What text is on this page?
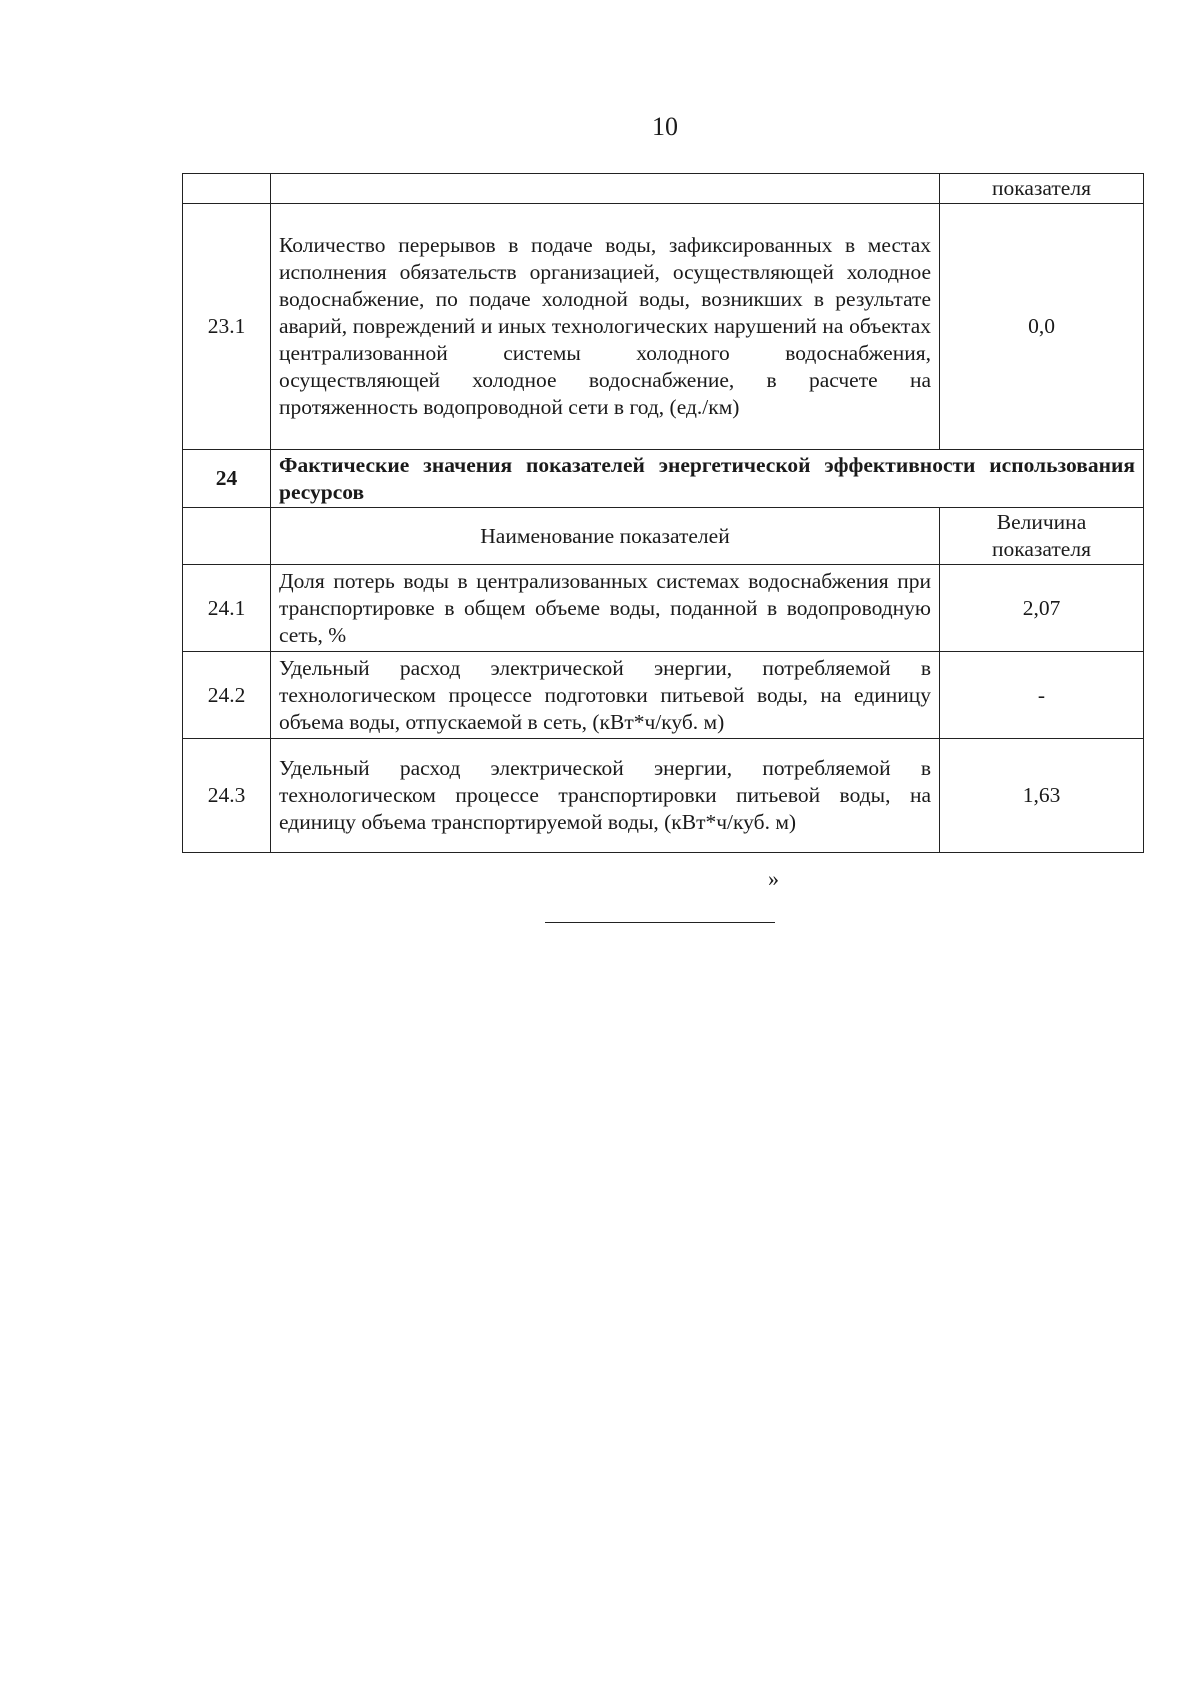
10
		показателя
23.1	Количество перерывов в подаче воды, зафиксированных в местах исполнения обязательств организацией, осуществляющей холодное водоснабжение, по подаче холодной воды, возникших в результате аварий, повреждений и иных технологических нарушений на объектах централизованной системы холодного водоснабжения, осуществляющей холодное водоснабжение, в расчете на протяженность водопроводной сети в год, (ед./км)	0,0
24	Фактические значения показателей энергетической эффективности использования ресурсов	
	Наименование показателей	Величина показателя
24.1	Доля потерь воды в централизованных системах водоснабжения при транспортировке в общем объеме воды, поданной в водопроводную сеть, %	2,07
24.2	Удельный расход электрической энергии, потребляемой в технологическом процессе подготовки питьевой воды, на единицу объема воды, отпускаемой в сеть, (кВт*ч/куб. м)	-
24.3	Удельный расход электрической энергии, потребляемой в технологическом процессе транспортировки питьевой воды, на единицу объема транспортируемой воды, (кВт*ч/куб. м)	1,63
»
